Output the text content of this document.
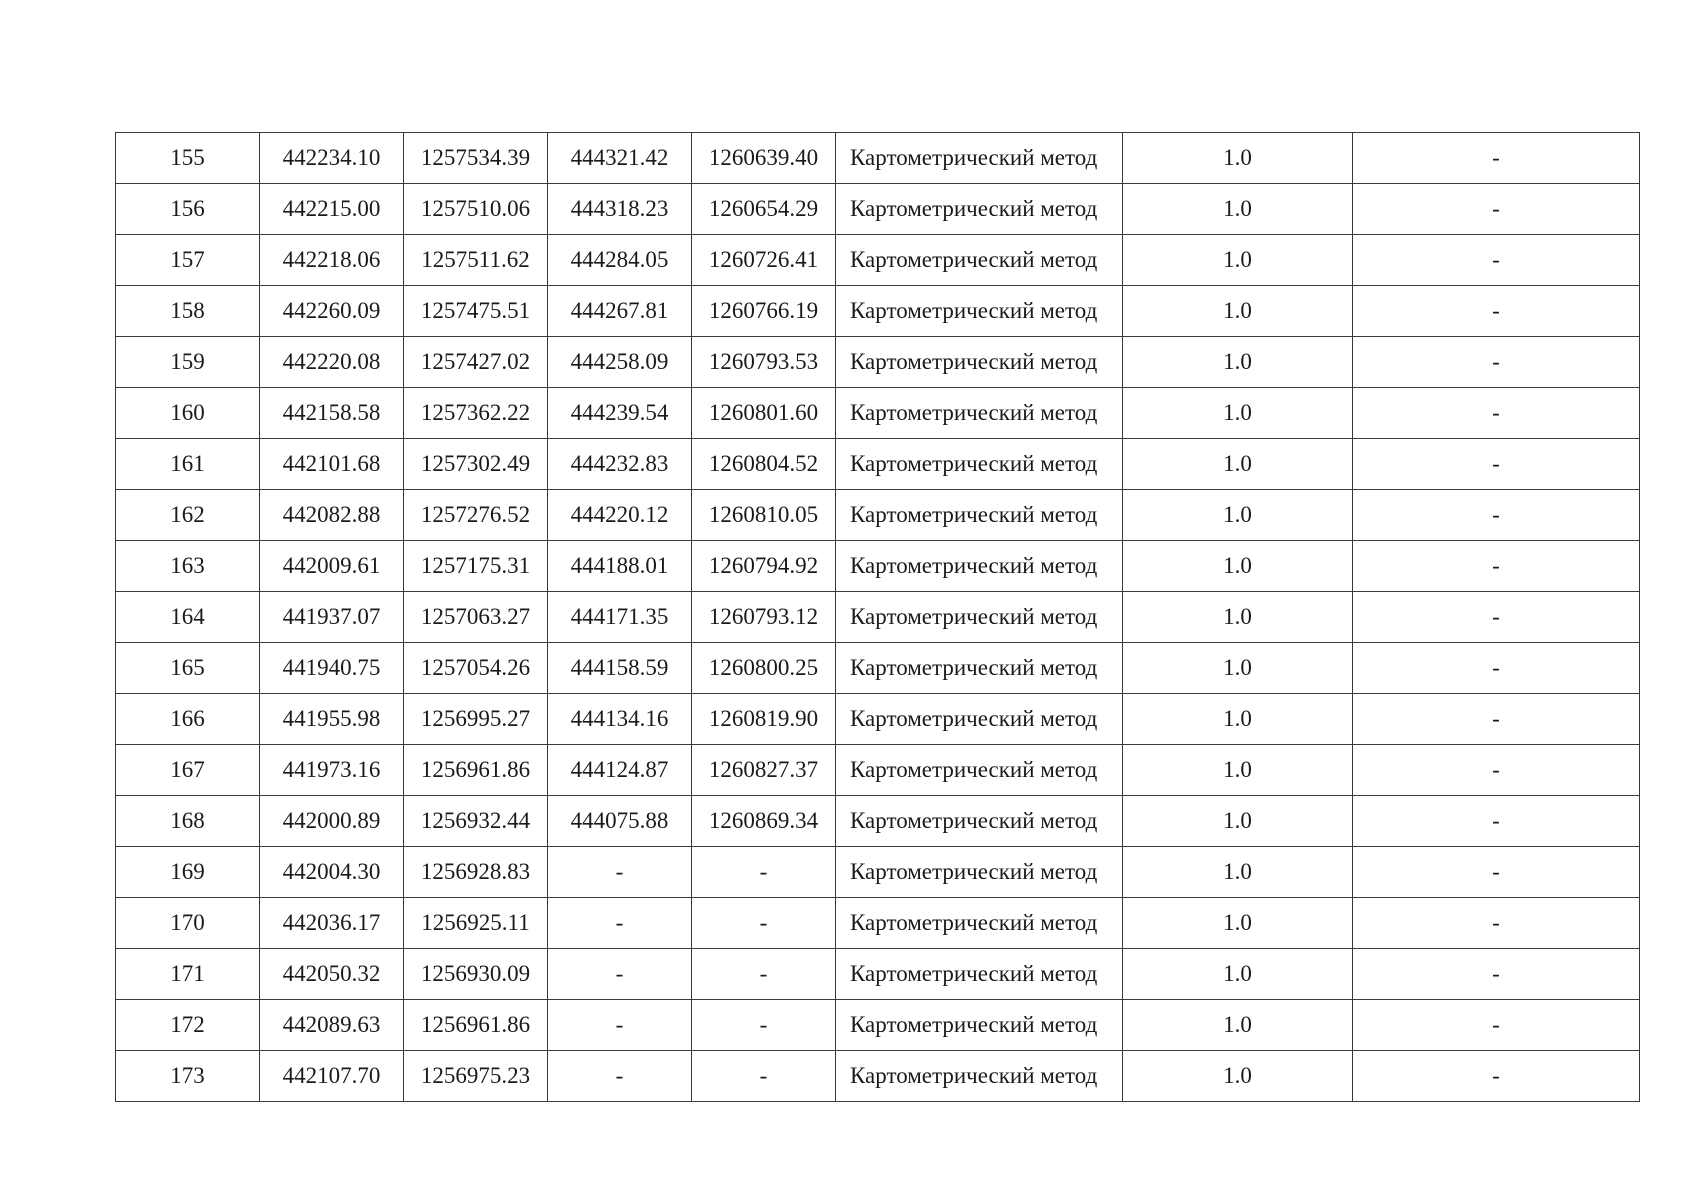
155	442234.10	1257534.39	444321.42	1260639.40	Картометрический метод	1.0	-
156	442215.00	1257510.06	444318.23	1260654.29	Картометрический метод	1.0	-
157	442218.06	1257511.62	444284.05	1260726.41	Картометрический метод	1.0	-
158	442260.09	1257475.51	444267.81	1260766.19	Картометрический метод	1.0	-
159	442220.08	1257427.02	444258.09	1260793.53	Картометрический метод	1.0	-
160	442158.58	1257362.22	444239.54	1260801.60	Картометрический метод	1.0	-
161	442101.68	1257302.49	444232.83	1260804.52	Картометрический метод	1.0	-
162	442082.88	1257276.52	444220.12	1260810.05	Картометрический метод	1.0	-
163	442009.61	1257175.31	444188.01	1260794.92	Картометрический метод	1.0	-
164	441937.07	1257063.27	444171.35	1260793.12	Картометрический метод	1.0	-
165	441940.75	1257054.26	444158.59	1260800.25	Картометрический метод	1.0	-
166	441955.98	1256995.27	444134.16	1260819.90	Картометрический метод	1.0	-
167	441973.16	1256961.86	444124.87	1260827.37	Картометрический метод	1.0	-
168	442000.89	1256932.44	444075.88	1260869.34	Картометрический метод	1.0	-
169	442004.30	1256928.83	-	-	Картометрический метод	1.0	-
170	442036.17	1256925.11	-	-	Картометрический метод	1.0	-
171	442050.32	1256930.09	-	-	Картометрический метод	1.0	-
172	442089.63	1256961.86	-	-	Картометрический метод	1.0	-
173	442107.70	1256975.23	-	-	Картометрический метод	1.0	-
